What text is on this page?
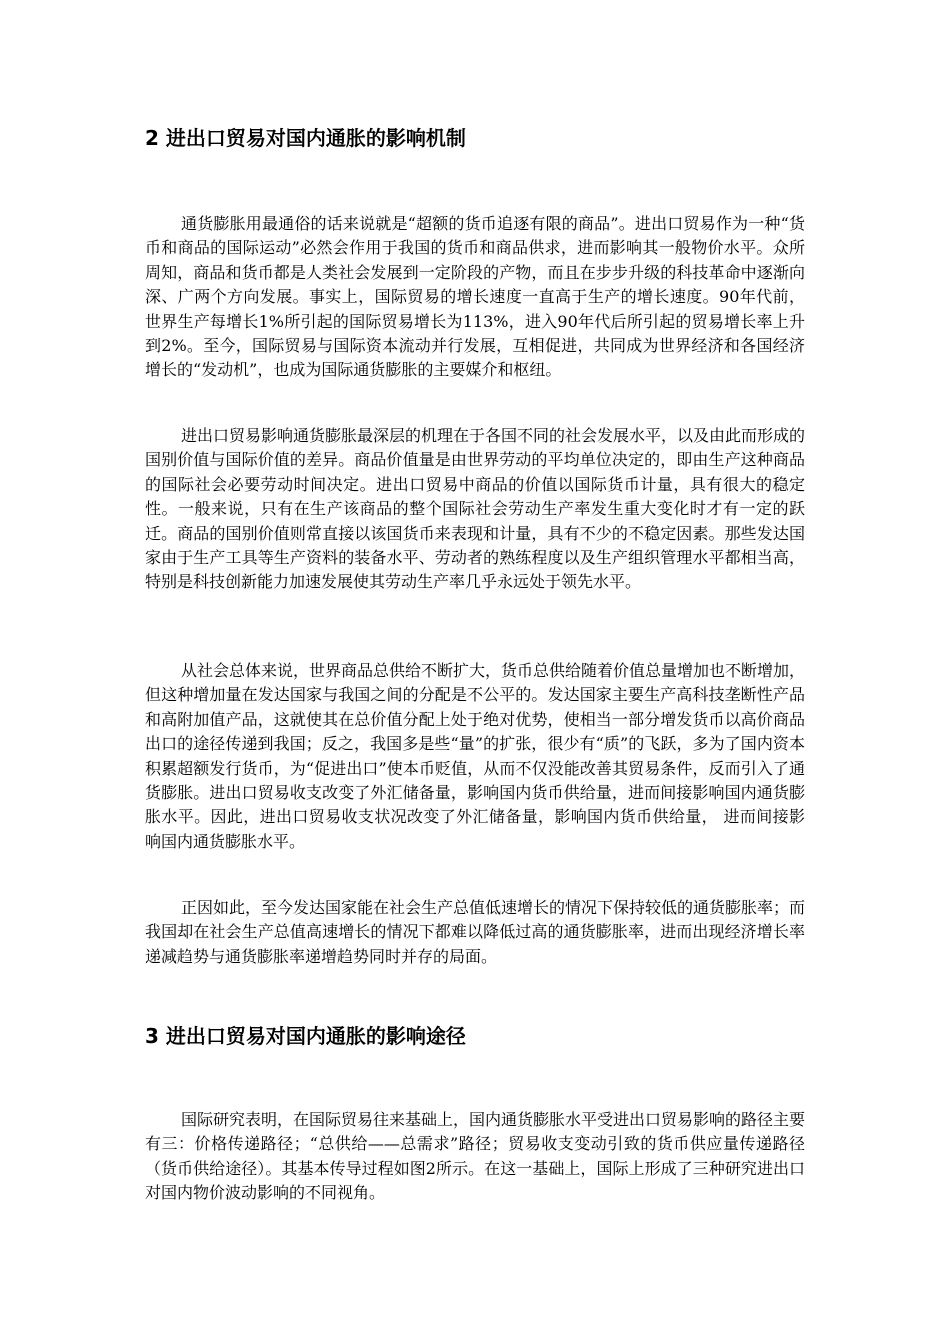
2 进出口贸易对国内通胀的影响机制

通货膨胀用最通俗的话来说就是“超额的货币追逐有限的商品”。进出口贸易作为一种“货币和商品的国际运动”必然会作用于我国的货币和商品供求，进而影响其一般物价水平。众所周知，商品和货币都是人类社会发展到一定阶段的产物，而且在步步升级的科技革命中逐渐向深、广两个方向发展。事实上，国际贸易的增长速度一直高于生产的增长速度。90年代前，世界生产每增长1%所引起的国际贸易增长为113%，进入90年代后所引起的贸易增长率上升到2%。至今，国际贸易与国际资本流动并行发展，互相促进，共同成为世界经济和各国经济增长的“发动机”，也成为国际通货膨胀的主要媒介和枢纽。

进出口贸易影响通货膨胀最深层的机理在于各国不同的社会发展水平，以及由此而形成的国别价值与国际价值的差异。商品价值量是由世界劳动的平均单位决定的，即由生产这种商品的国际社会必要劳动时间决定。进出口贸易中商品的价值以国际货币计量，具有很大的稳定性。一般来说，只有在生产该商品的整个国际社会劳动生产率发生重大变化时才有一定的跃迁。商品的国别价值则常直接以该国货币来表现和计量，具有不少的不稳定因素。那些发达国家由于生产工具等生产资料的装备水平、劳动者的熟练程度以及生产组织管理水平都相当高，特别是科技创新能力加速发展使其劳动生产率几乎永远处于领先水平。

从社会总体来说，世界商品总供给不断扩大，货币总供给随着价值总量增加也不断增加，但这种增加量在发达国家与我国之间的分配是不公平的。发达国家主要生产高科技垄断性产品和高附加值产品，这就使其在总价值分配上处于绝对优势，使相当一部分增发货币以高价商品出口的途径传递到我国；反之，我国多是些“量”的扩张，很少有“质”的飞跃，多为了国内资本积累超额发行货币，为“促进出口”使本币贬值，从而不仅没能改善其贸易条件，反而引入了通货膨胀。进出口贸易收支改变了外汇储备量，影响国内货币供给量，进而间接影响国内通货膨胀水平。因此，进出口贸易收支状况改变了外汇储备量，影响国内货币供给量， 进而间接影响国内通货膨胀水平。

正因如此，至今发达国家能在社会生产总值低速增长的情况下保持较低的通货膨胀率；而我国却在社会生产总值高速增长的情况下都难以降低过高的通货膨胀率，进而出现经济增长率递减趋势与通货膨胀率递增趋势同时并存的局面。

3 进出口贸易对国内通胀的影响途径

国际研究表明，在国际贸易往来基础上，国内通货膨胀水平受进出口贸易影响的路径主要有三：价格传递路径；“总供给——总需求”路径；贸易收支变动引致的货币供应量传递路径（货币供给途径）。其基本传导过程如图2所示。在这一基础上，国际上形成了三种研究进出口对国内物价波动影响的不同视角。
